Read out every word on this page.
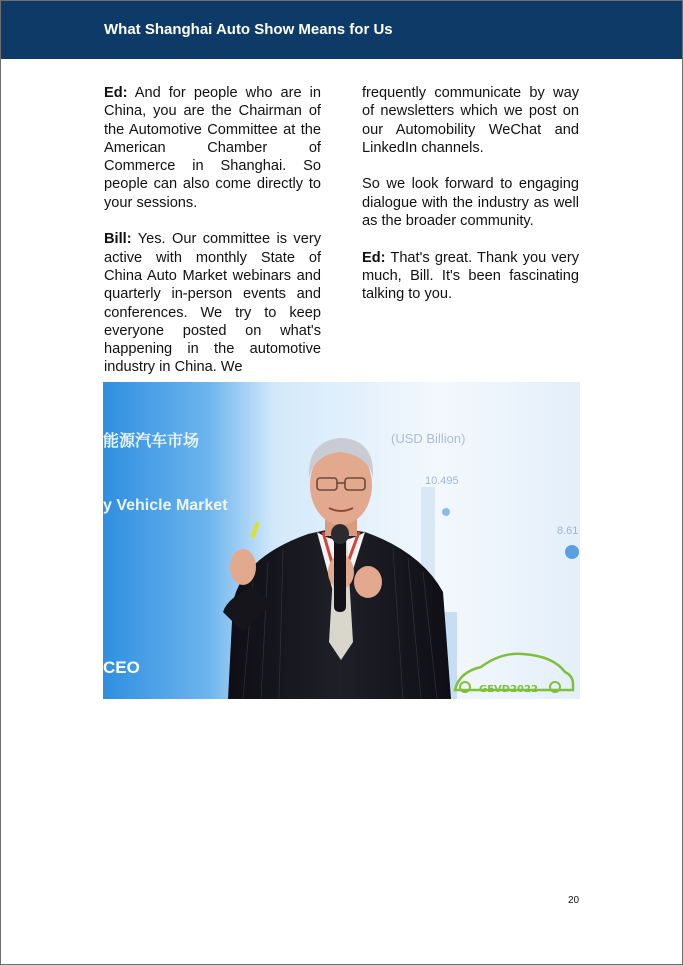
What Shanghai Auto Show Means for Us

Ed: And for people who are in China, you are the Chairman of the Automotive Committee at the American Chamber of Commerce in Shanghai. So people can also come directly to your sessions.

Bill: Yes. Our committee is very active with monthly State of China Auto Market webinars and quarterly in-person events and conferences. We try to keep everyone posted on what's happening in the automotive industry in China. We

frequently communicate by way of newsletters which we post on our Automobility WeChat and LinkedIn channels.

So we look forward to engaging dialogue with the industry as well as the broader community.

Ed: That's great. Thank you very much, Bill. It's been fascinating talking to you.

能源汽车市场
y Vehicle Market
(USD Billion)
10.495
8.61
CEO
GEVD2022
20
